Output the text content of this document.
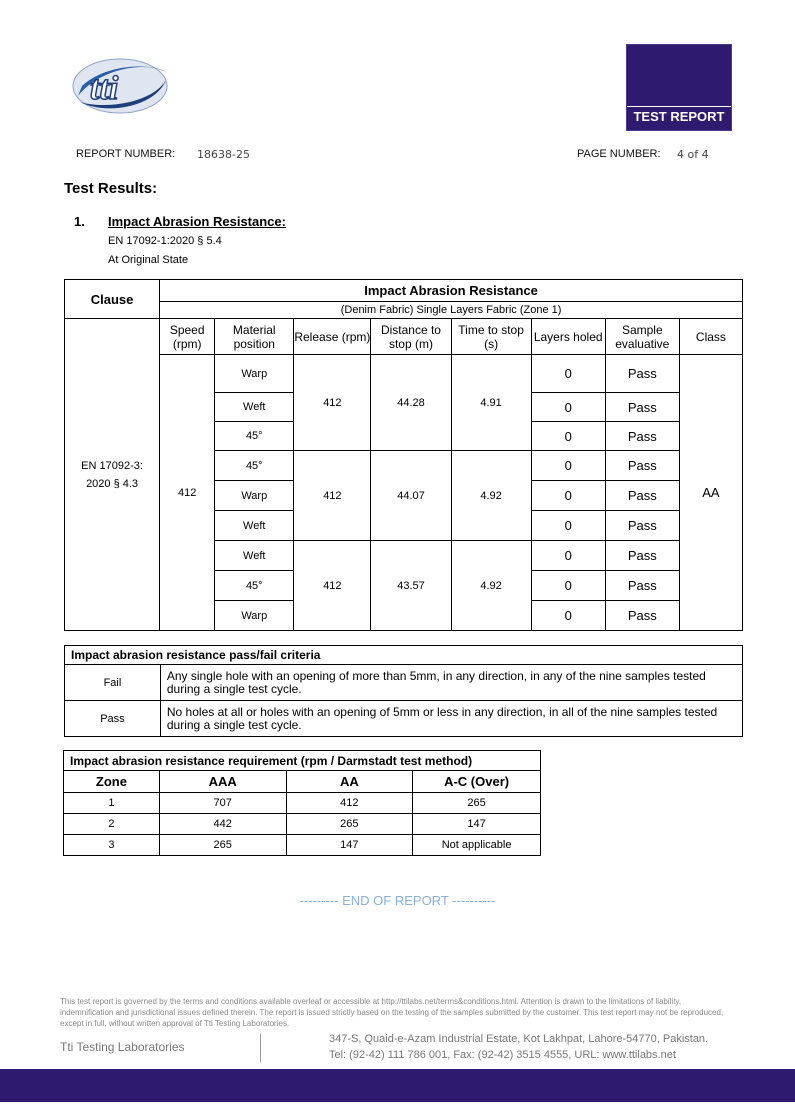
tti
TEST REPORT
REPORT NUMBER: 18638-25	PAGE NUMBER: 4 of 4
Test Results:
1. Impact Abrasion Resistance:
EN 17092-1:2020 § 5.4
At Original State
Clause	Impact Abrasion Resistance							
	(Denim Fabric) Single Layers Fabric (Zone 1)							
EN 17092-3: 2020 § 4.3	Speed (rpm)	Material position	Release (rpm)	Distance to stop (m)	Time to stop (s)	Layers holed	Sample evaluative	Class
	412	Warp	412	44.28	4.91	0	Pass	AA
		Weft				0	Pass	
		45°				0	Pass	
		45°	412	44.07	4.92	0	Pass	
		Warp				0	Pass	
		Weft				0	Pass	
		Weft	412	43.57	4.92	0	Pass	
		45°				0	Pass	
		Warp				0	Pass	
Impact abrasion resistance pass/fail criteria	
Fail	Any single hole with an opening of more than 5mm, in any direction, in any of the nine samples tested during a single test cycle.
Pass	No holes at all or holes with an opening of 5mm or less in any direction, in all of the nine samples tested during a single test cycle.
Impact abrasion resistance requirement (rpm / Darmstadt test method)			
Zone	AAA	AA	A-C (Over)
1	707	412	265
2	442	265	147
3	265	147	Not applicable
--------- END OF REPORT ----------
This test report is governed by the terms and conditions available overleaf or accessible at http://ttilabs.net/terms&conditions.html. Attention is drawn to the limitations of liability, indemnification and jurisdictional issues defined therein. The report is issued strictly based on the testing of the samples submitted by the customer. This test report may not be reproduced, except in full, without written approval of Tti Testing Laboratories.
Tti Testing Laboratories
347-S, Quaid-e-Azam Industrial Estate, Kot Lakhpat, Lahore-54770, Pakistan.
Tel: (92-42) 111 786 001, Fax: (92-42) 3515 4555, URL: www.ttilabs.net
